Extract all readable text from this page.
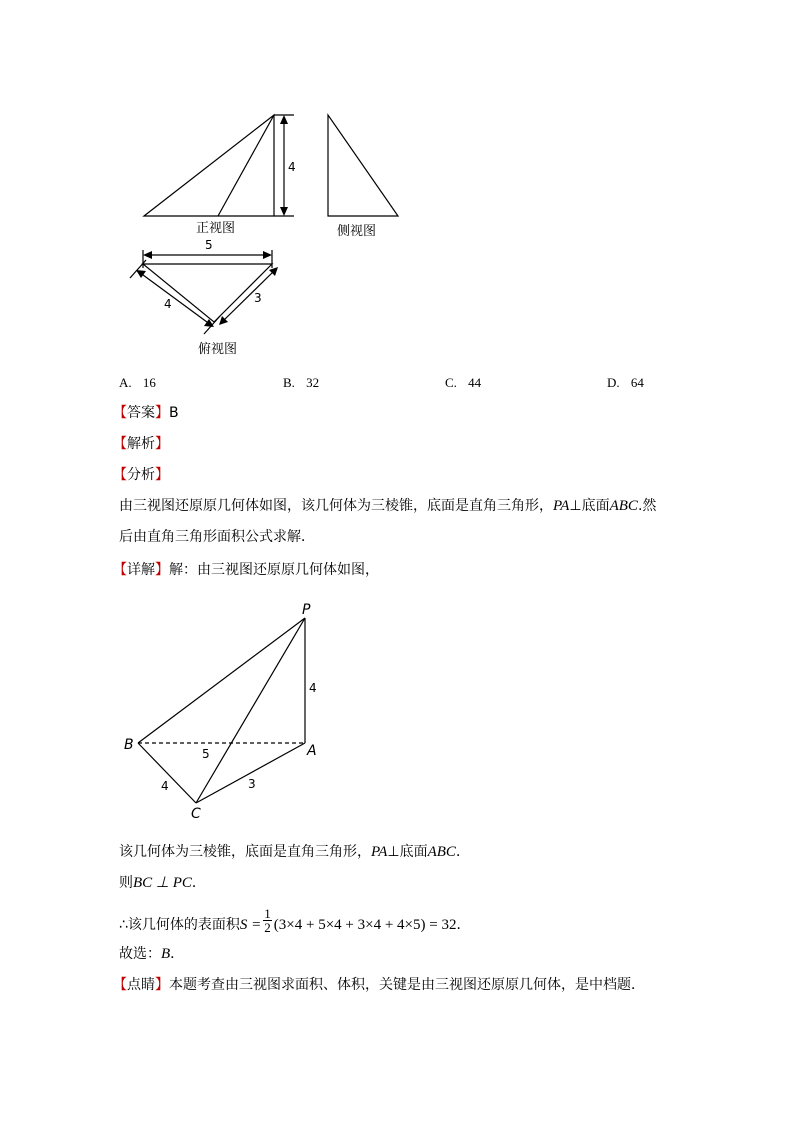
4
正视图	侧视图
5
4	3
俯视图
A. 16	B. 32	C. 44	D. 64
【答案】B
【解析】
【分析】
由三视图还原原几何体如图，该几何体为三棱锥，底面是直角三角形，PA⊥底面ABC.然
后由直角三角形面积公式求解．
【详解】解：由三视图还原原几何体如图，
P
A
B
C
4
5
4	3
该几何体为三棱锥，底面是直角三角形，PA⊥底面ABC．
则BC ⊥ PC．
∴该几何体的表面积$S = \frac{1}{2} (3\times 4 + 5\times 4 + 3\times 4 + 4\times 5) = 32$．
故选：B．
【点睛】本题考查由三视图求面积、体积，关键是由三视图还原原几何体，是中档题．
